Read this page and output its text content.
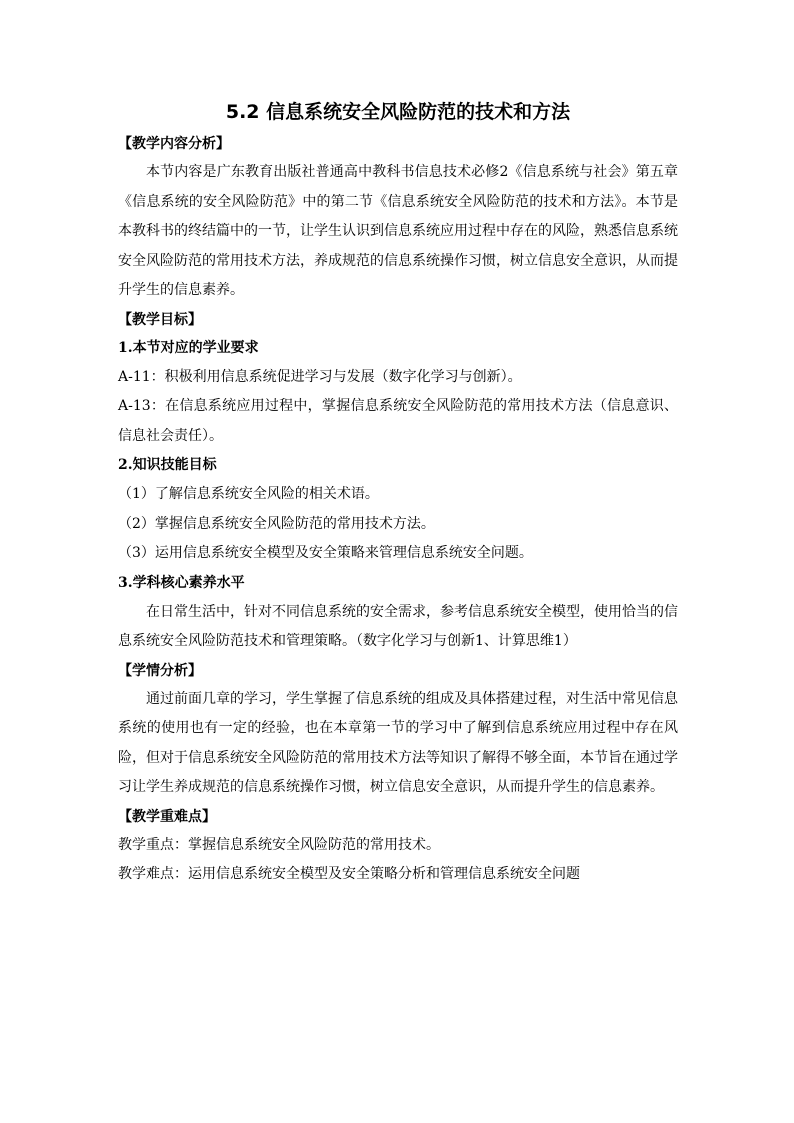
5.2 信息系统安全风险防范的技术和方法
【教学内容分析】

本节内容是广东教育出版社普通高中教科书信息技术必修2《信息系统与社会》第五章《信息系统的安全风险防范》中的第二节《信息系统安全风险防范的技术和方法》。本节是本教科书的终结篇中的一节，让学生认识到信息系统应用过程中存在的风险，熟悉信息系统安全风险防范的常用技术方法，养成规范的信息系统操作习惯，树立信息安全意识，从而提升学生的信息素养。

【教学目标】
1.本节对应的学业要求

A-11：积极利用信息系统促进学习与发展（数字化学习与创新）。

A-13：在信息系统应用过程中，掌握信息系统安全风险防范的常用技术方法（信息意识、信息社会责任）。

2.知识技能目标

（1）了解信息系统安全风险的相关术语。

（2）掌握信息系统安全风险防范的常用技术方法。

（3）运用信息系统安全模型及安全策略来管理信息系统安全问题。

3.学科核心素养水平

在日常生活中，针对不同信息系统的安全需求，参考信息系统安全模型，使用恰当的信息系统安全风险防范技术和管理策略。（数字化学习与创新1、计算思维1）

【学情分析】

通过前面几章的学习，学生掌握了信息系统的组成及具体搭建过程，对生活中常见信息系统的使用也有一定的经验，也在本章第一节的学习中了解到信息系统应用过程中存在风险，但对于信息系统安全风险防范的常用技术方法等知识了解得不够全面，本节旨在通过学习让学生养成规范的信息系统操作习惯，树立信息安全意识，从而提升学生的信息素养。

【教学重难点】

教学重点：掌握信息系统安全风险防范的常用技术。

教学难点：运用信息系统安全模型及安全策略分析和管理信息系统安全问题
